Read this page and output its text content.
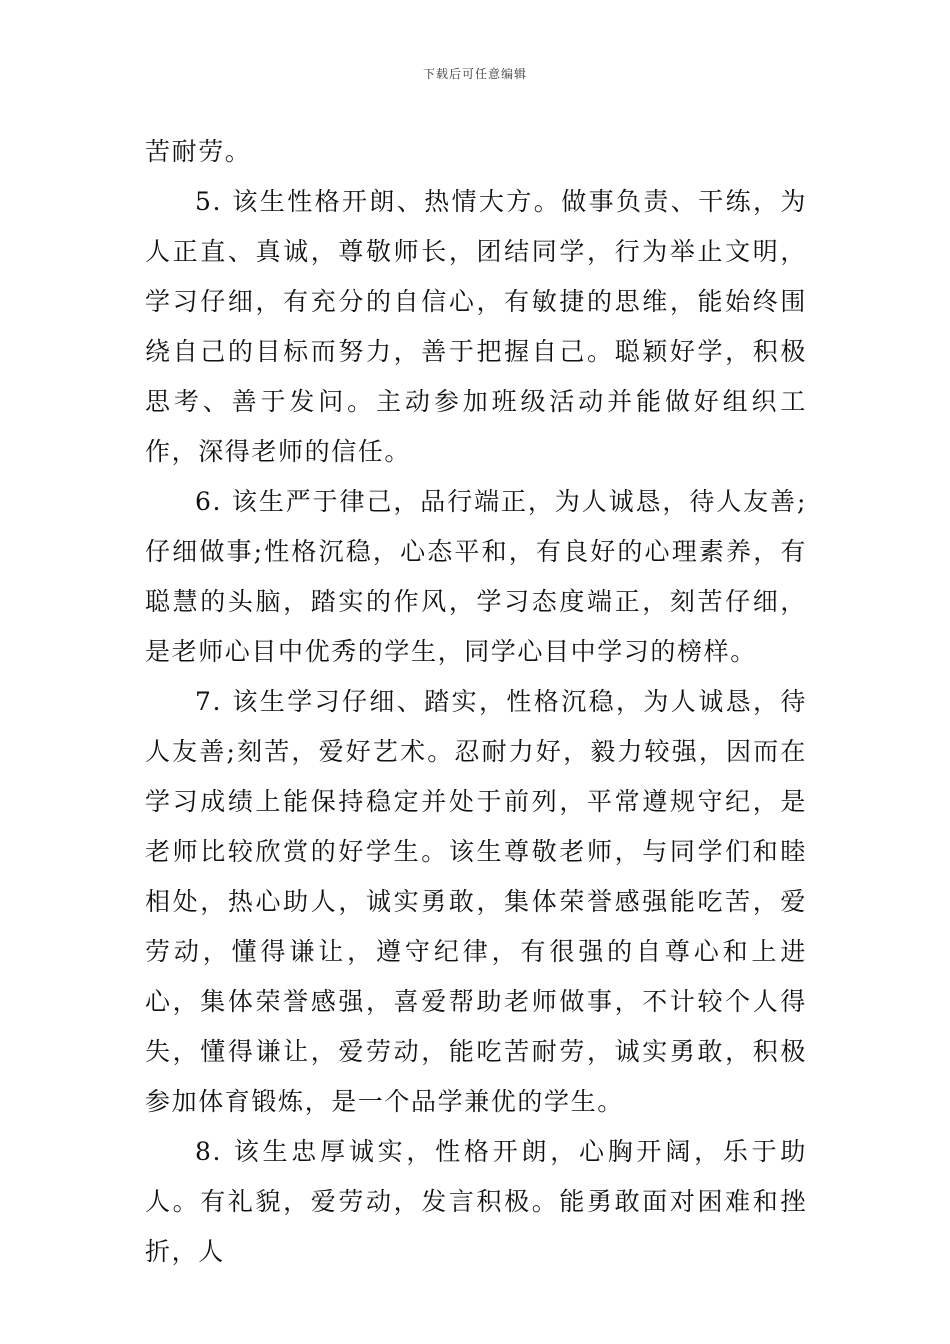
下载后可任意编辑

苦耐劳。

5. 该生性格开朗、热情大方。做事负责、干练，为人正直、真诚，尊敬师长，团结同学，行为举止文明，学习仔细，有充分的自信心，有敏捷的思维，能始终围绕自己的目标而努力，善于把握自己。聪颖好学，积极思考、善于发问。主动参加班级活动并能做好组织工作，深得老师的信任。

6. 该生严于律己，品行端正，为人诚恳，待人友善;仔细做事;性格沉稳，心态平和，有良好的心理素养，有聪慧的头脑，踏实的作风，学习态度端正，刻苦仔细，是老师心目中优秀的学生，同学心目中学习的榜样。

7. 该生学习仔细、踏实，性格沉稳，为人诚恳，待人友善;刻苦，爱好艺术。忍耐力好，毅力较强，因而在学习成绩上能保持稳定并处于前列，平常遵规守纪，是老师比较欣赏的好学生。该生尊敬老师，与同学们和睦相处，热心助人，诚实勇敢，集体荣誉感强能吃苦，爱劳动，懂得谦让，遵守纪律，有很强的自尊心和上进心，集体荣誉感强，喜爱帮助老师做事，不计较个人得失，懂得谦让，爱劳动，能吃苦耐劳，诚实勇敢，积极参加体育锻炼，是一个品学兼优的学生。

8. 该生忠厚诚实，性格开朗，心胸开阔，乐于助人。有礼貌，爱劳动，发言积极。能勇敢面对困难和挫折，人
